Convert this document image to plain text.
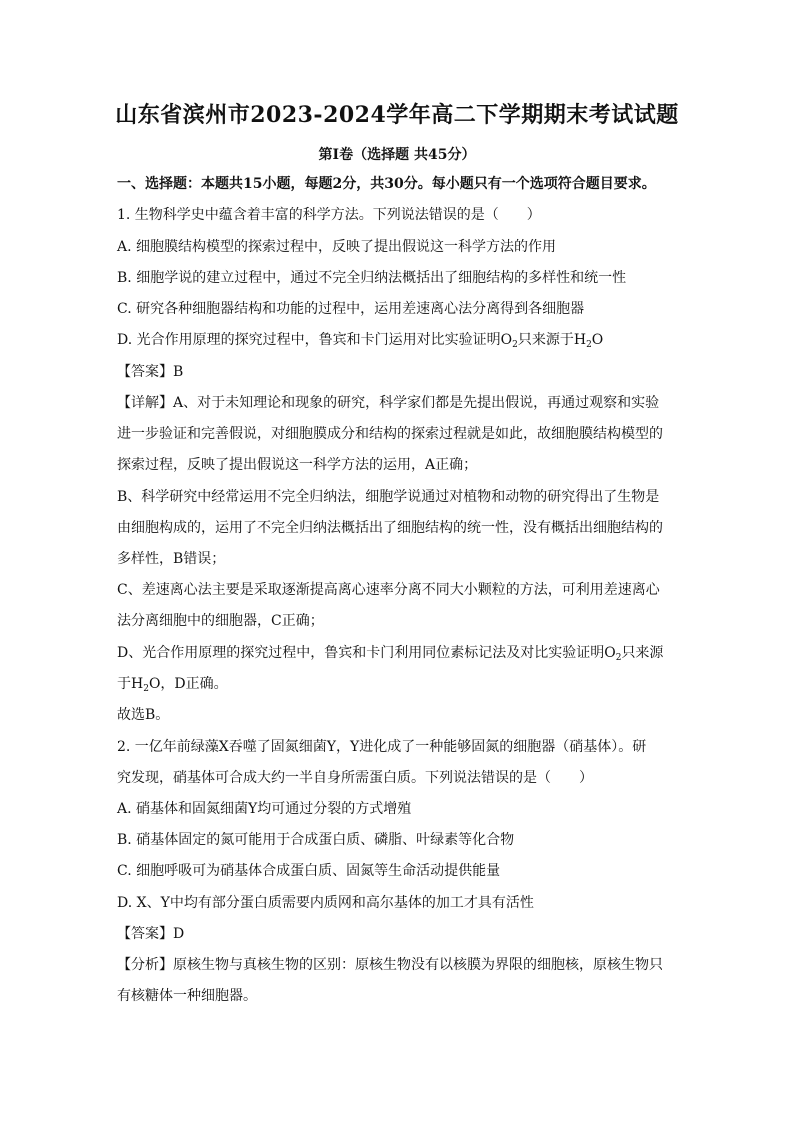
山东省滨州市2023-2024学年高二下学期期末考试试题
第Ⅰ卷（选择题 共45分）
一、选择题：本题共15小题，每题2分，共30分。每小题只有一个选项符合题目要求。
1. 生物科学史中蕴含着丰富的科学方法。下列说法错误的是（　　）
A. 细胞膜结构模型的探索过程中，反映了提出假说这一科学方法的作用
B. 细胞学说的建立过程中，通过不完全归纳法概括出了细胞结构的多样性和统一性
C. 研究各种细胞器结构和功能的过程中，运用差速离心法分离得到各细胞器
D. 光合作用原理的探究过程中，鲁宾和卡门运用对比实验证明$O_2$只来源于$H_2O$
【答案】B
【详解】A、对于未知理论和现象的研究，科学家们都是先提出假说，再通过观察和实验
进一步验证和完善假说，对细胞膜成分和结构的探索过程就是如此，故细胞膜结构模型的
探索过程，反映了提出假说这一科学方法的运用，A正确；
B、科学研究中经常运用不完全归纳法，细胞学说通过对植物和动物的研究得出了生物是
由细胞构成的，运用了不完全归纳法概括出了细胞结构的统一性，没有概括出细胞结构的
多样性，B错误；
C、差速离心法主要是采取逐渐提高离心速率分离不同大小颗粒的方法，可利用差速离心
法分离细胞中的细胞器，C正确；
D、光合作用原理的探究过程中，鲁宾和卡门利用同位素标记法及对比实验证明$O_2$只来源
于$H_2O$，D正确。
故选B。
2. 一亿年前绿藻X吞噬了固氮细菌Y，Y进化成了一种能够固氮的细胞器（硝基体）。研
究发现，硝基体可合成大约一半自身所需蛋白质。下列说法错误的是（　　）
A. 硝基体和固氮细菌Y均可通过分裂的方式增殖
B. 硝基体固定的氮可能用于合成蛋白质、磷脂、叶绿素等化合物
C. 细胞呼吸可为硝基体合成蛋白质、固氮等生命活动提供能量
D. X、Y中均有部分蛋白质需要内质网和高尔基体的加工才具有活性
【答案】D
【分析】原核生物与真核生物的区别：原核生物没有以核膜为界限的细胞核，原核生物只
有核糖体一种细胞器。
